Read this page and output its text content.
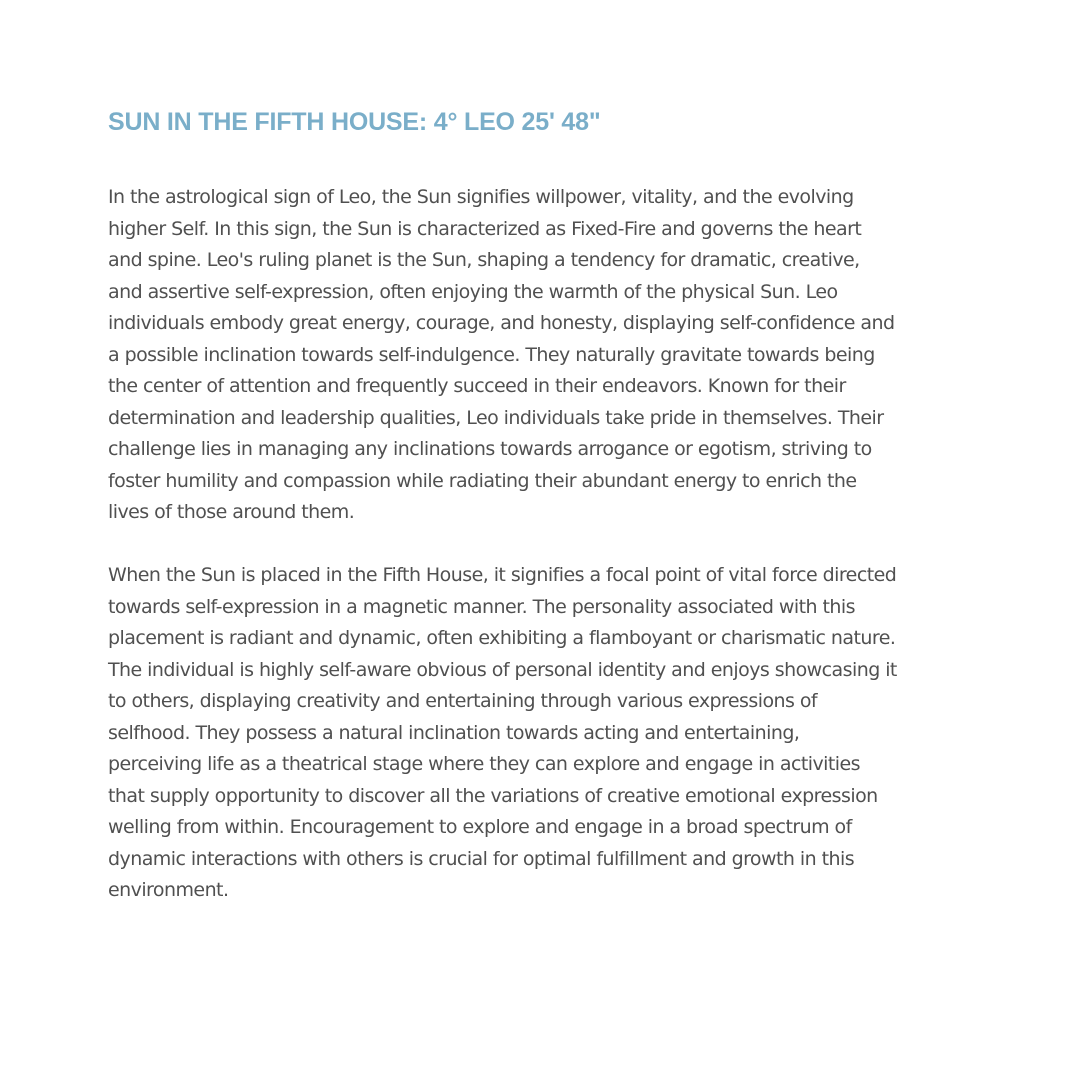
SUN IN THE FIFTH HOUSE: 4° LEO 25' 48"

In the astrological sign of Leo, the Sun signifies willpower, vitality, and the evolving higher Self. In this sign, the Sun is characterized as Fixed-Fire and governs the heart and spine. Leo's ruling planet is the Sun, shaping a tendency for dramatic, creative, and assertive self-expression, often enjoying the warmth of the physical Sun. Leo individuals embody great energy, courage, and honesty, displaying self-confidence and a possible inclination towards self-indulgence. They naturally gravitate towards being the center of attention and frequently succeed in their endeavors. Known for their determination and leadership qualities, Leo individuals take pride in themselves. Their challenge lies in managing any inclinations towards arrogance or egotism, striving to foster humility and compassion while radiating their abundant energy to enrich the lives of those around them.

When the Sun is placed in the Fifth House, it signifies a focal point of vital force directed towards self-expression in a magnetic manner. The personality associated with this placement is radiant and dynamic, often exhibiting a flamboyant or charismatic nature. The individual is highly self-aware obvious of personal identity and enjoys showcasing it to others, displaying creativity and entertaining through various expressions of selfhood. They possess a natural inclination towards acting and entertaining, perceiving life as a theatrical stage where they can explore and engage in activities that supply opportunity to discover all the variations of creative emotional expression welling from within. Encouragement to explore and engage in a broad spectrum of dynamic interactions with others is crucial for optimal fulfillment and growth in this environment.
